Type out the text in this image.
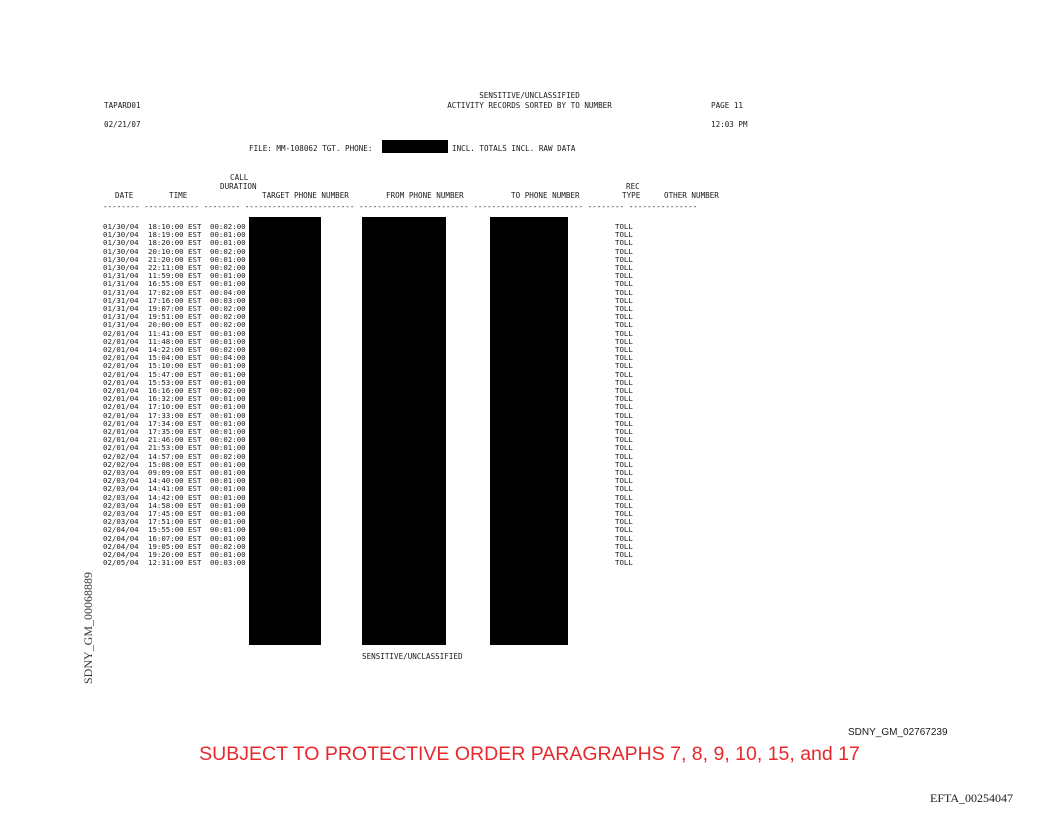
SENSITIVE/UNCLASSIFIED
ACTIVITY RECORDS SORTED BY TO NUMBER
TAPARD01	PAGE 11
02/21/07	12:03 PM
FILE: MM-108062 TGT. PHONE:	INCL. TOTALS INCL. RAW DATA
CALL
DURATION
DATE	TIME	TARGET PHONE NUMBER	FROM PHONE NUMBER	TO PHONE NUMBER
REC
TYPE	OTHER NUMBER
-------- ------------ -------- ------------------------ ------------------------ ------------------------ -------- ---------------
01/30/04 18:10:00 EST 00:02:00	TOLL
01/30/04 18:19:00 EST 00:01:00	TOLL
01/30/04 18:20:00 EST 00:01:00	TOLL
01/30/04 20:10:00 EST 00:02:00	TOLL
01/30/04 21:20:00 EST 00:01:00	TOLL
01/30/04 22:11:00 EST 00:02:00	TOLL
01/31/04 11:59:00 EST 00:01:00	TOLL
01/31/04 16:55:00 EST 00:01:00	TOLL
01/31/04 17:02:00 EST 00:04:00	TOLL
01/31/04 17:16:00 EST 00:03:00	TOLL
01/31/04 19:07:00 EST 00:02:00	TOLL
01/31/04 19:51:00 EST 00:02:00	TOLL
01/31/04 20:00:00 EST 00:02:00	TOLL
02/01/04 11:41:00 EST 00:01:00	TOLL
02/01/04 11:48:00 EST 00:01:00	TOLL
02/01/04 14:22:00 EST 00:02:00	TOLL
02/01/04 15:04:00 EST 00:04:00	TOLL
02/01/04 15:10:00 EST 00:01:00	TOLL
02/01/04 15:47:00 EST 00:01:00	TOLL
02/01/04 15:53:00 EST 00:01:00	TOLL
02/01/04 16:16:00 EST 00:02:00	TOLL
02/01/04 16:32:00 EST 00:01:00	TOLL
02/01/04 17:10:00 EST 00:01:00	TOLL
02/01/04 17:33:00 EST 00:01:00	TOLL
02/01/04 17:34:00 EST 00:01:00	TOLL
02/01/04 17:35:00 EST 00:01:00	TOLL
02/01/04 21:46:00 EST 00:02:00	TOLL
02/01/04 21:53:00 EST 00:01:00	TOLL
02/02/04 14:57:00 EST 00:02:00	TOLL
02/02/04 15:08:00 EST 00:01:00	TOLL
02/03/04 09:09:00 EST 00:01:00	TOLL
02/03/04 14:40:00 EST 00:01:00	TOLL
02/03/04 14:41:00 EST 00:01:00	TOLL
02/03/04 14:42:00 EST 00:01:00	TOLL
02/03/04 14:58:00 EST 00:01:00	TOLL
02/03/04 17:45:00 EST 00:01:00	TOLL
02/03/04 17:51:00 EST 00:01:00	TOLL
02/04/04 15:55:00 EST 00:01:00	TOLL
02/04/04 16:07:00 EST 00:01:00	TOLL
02/04/04 19:05:00 EST 00:02:00	TOLL
02/04/04 19:20:00 EST 00:01:00	TOLL
02/05/04 12:31:00 EST 00:03:00	TOLL
SENSITIVE/UNCLASSIFIED
SDNY_GM_00068889
SDNY_GM_02767239
SUBJECT TO PROTECTIVE ORDER PARAGRAPHS 7, 8, 9, 10, 15, and 17
EFTA_00254047
